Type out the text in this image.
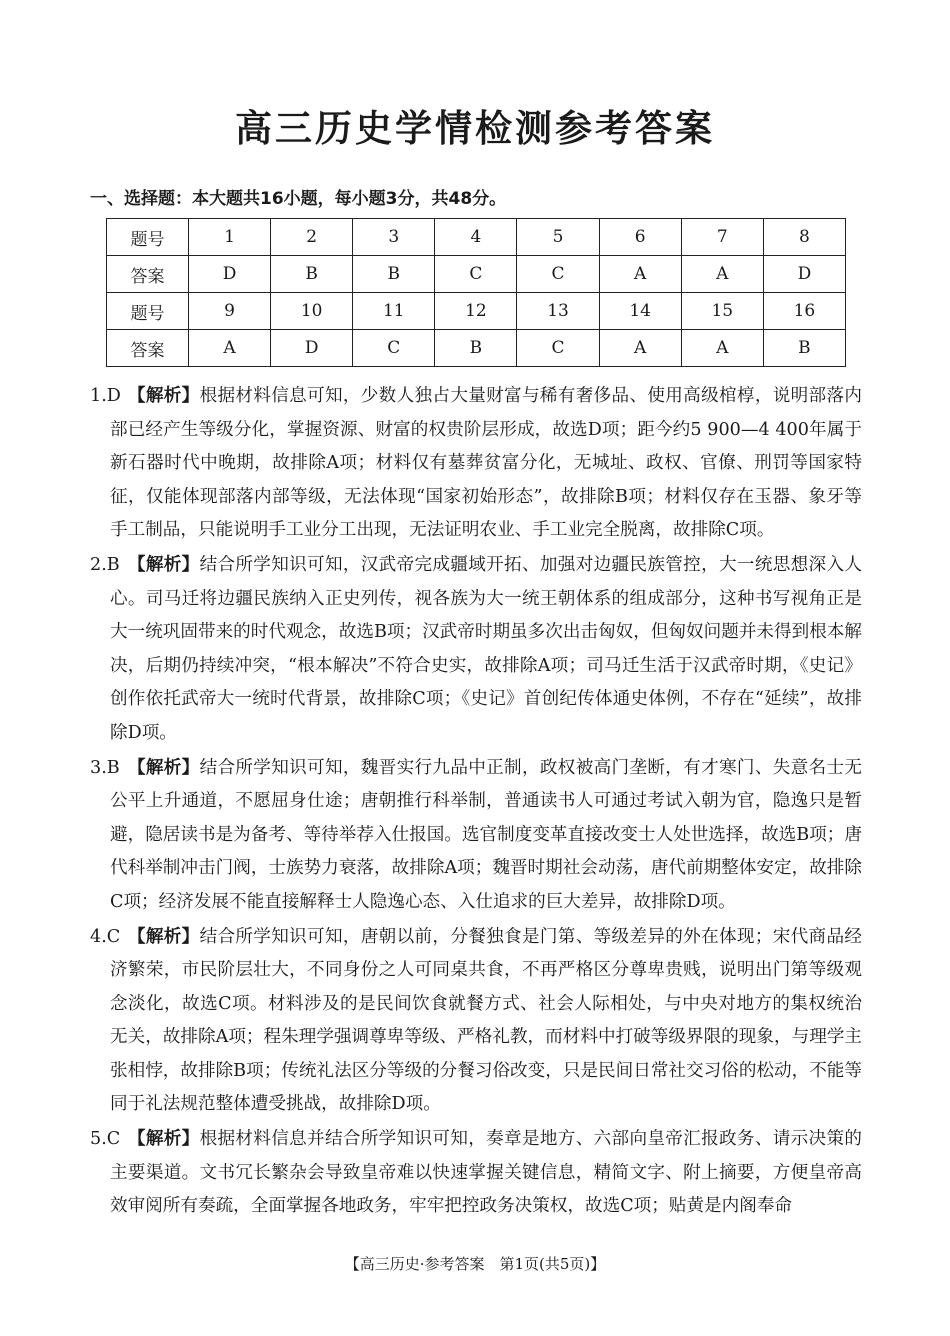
高三历史学情检测参考答案
一、选择题：本大题共16小题，每小题3分，共48分。
题号	1	2	3	4	5	6	7	8
答案	D	B	B	C	C	A	A	D
题号	9	10	11	12	13	14	15	16
答案	A	D	C	B	C	A	A	B
1.D
   【解析】根据材料信息可知，少数人独占大量财富与稀有奢侈品、使用高级棺椁，说明部落内部已经产生等级分化，掌握资源、财富的权贵阶层形成，故选D项；距今约5 900—4 400年属于新石器时代中晚期，故排除A项；材料仅有墓葬贫富分化，无城址、政权、官僚、刑罚等国家特征，仅能体现部落内部等级，无法体现“国家初始形态”，故排除B项；材料仅存在玉器、象牙等手工制品，只能说明手工业分工出现，无法证明农业、手工业完全脱离，故排除C项。
2.B
   【解析】结合所学知识可知，汉武帝完成疆域开拓、加强对边疆民族管控，大一统思想深入人心。司马迁将边疆民族纳入正史列传，视各族为大一统王朝体系的组成部分，这种书写视角正是大一统巩固带来的时代观念，故选B项；汉武帝时期虽多次出击匈奴，但匈奴问题并未得到根本解决，后期仍持续冲突，“根本解决”不符合史实，故排除A项；司马迁生活于汉武帝时期，《史记》创作依托武帝大一统时代背景，故排除C项；《史记》首创纪传体通史体例，不存在“延续”，故排除D项。
3.B
   【解析】结合所学知识可知，魏晋实行九品中正制，政权被高门垄断，有才寒门、失意名士无公平上升通道，不愿屈身仕途；唐朝推行科举制，普通读书人可通过考试入朝为官，隐逸只是暂避，隐居读书是为备考、等待举荐入仕报国。选官制度变革直接改变士人处世选择，故选B项；唐代科举制冲击门阀，士族势力衰落，故排除A项；魏晋时期社会动荡，唐代前期整体安定，故排除C项；经济发展不能直接解释士人隐逸心态、入仕追求的巨大差异，故排除D项。
4.C
   【解析】结合所学知识可知，唐朝以前，分餐独食是门第、等级差异的外在体现；宋代商品经济繁荣，市民阶层壮大，不同身份之人可同桌共食，不再严格区分尊卑贵贱，说明出门第等级观念淡化，故选C项。材料涉及的是民间饮食就餐方式、社会人际相处，与中央对地方的集权统治无关，故排除A项；程朱理学强调尊卑等级、严格礼教，而材料中打破等级界限的现象，与理学主张相悖，故排除B项；传统礼法区分等级的分餐习俗改变，只是民间日常社交习俗的松动，不能等同于礼法规范整体遭受挑战，故排除D项。
5.C
   【解析】根据材料信息并结合所学知识可知，奏章是地方、六部向皇帝汇报政务、请示决策的主要渠道。文书冗长繁杂会导致皇帝难以快速掌握关键信息，精简文字、附上摘要，方便皇帝高效审阅所有奏疏，全面掌握各地政务，牢牢把控政务决策权，故选C项；贴黄是内阁奉命
【高三历史·参考答案　第1页(共5页)】
